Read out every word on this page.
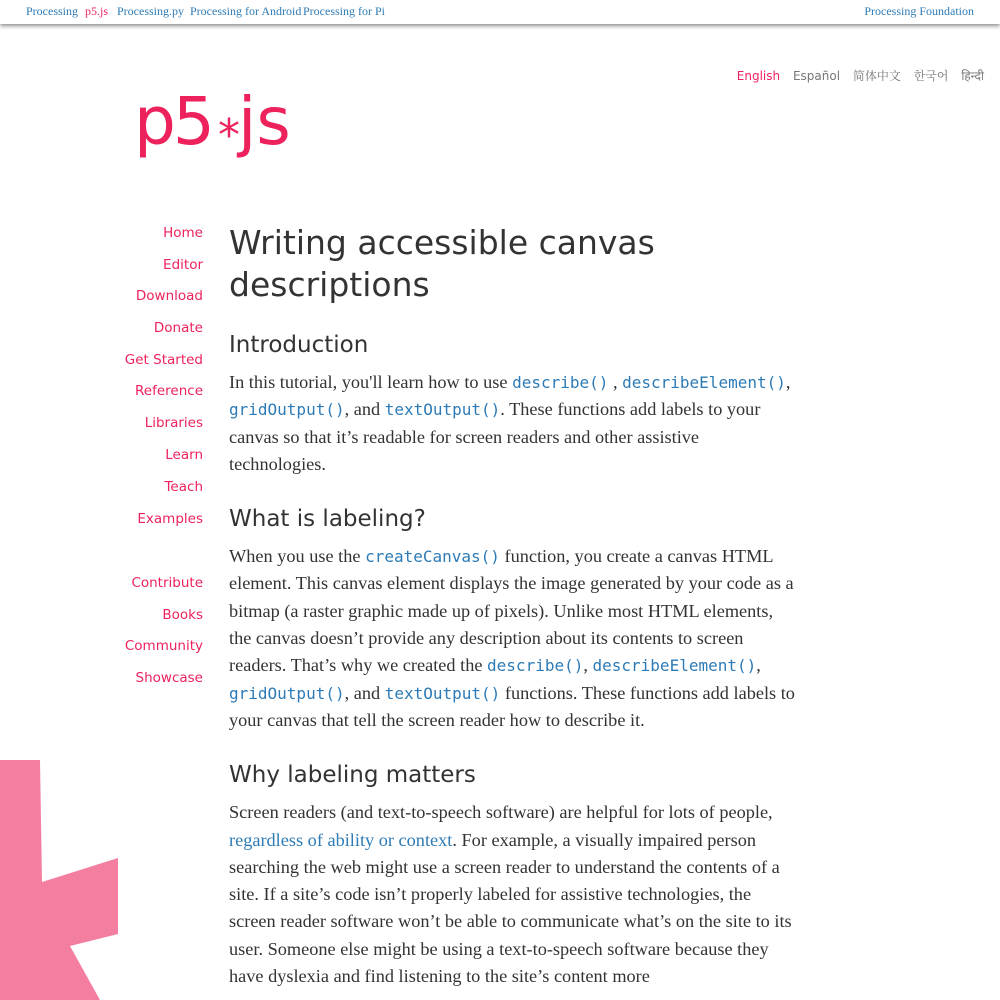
Processing p5.js Processing.py Processing for Android Processing for Pi	Processing Foundation
English Español 简体中文 한국어 हिन्दी
p5 *
js
Home
Editor
Download
Donate
Get Started
Reference
Libraries
Learn
Teach
Examples
Contribute
Books
Community
Showcase
Writing accessible canvas descriptions
Introduction

In this tutorial, you'll learn how to use describe() , describeElement(), gridOutput(), and textOutput(). These functions add labels to your canvas so that it’s readable for screen readers and other assistive technologies.

What is labeling?

When you use the createCanvas() function, you create a canvas HTML element. This canvas element displays the image generated by your code as a bitmap (a raster graphic made up of pixels). Unlike most HTML elements, the canvas doesn’t provide any description about its contents to screen readers. That’s why we created the describe(), describeElement(), gridOutput(), and textOutput() functions. These functions add labels to your canvas that tell the screen reader how to describe it.

Why labeling matters

Screen readers (and text-to-speech software) are helpful for lots of people, regardless of ability or context. For example, a visually impaired person searching the web might use a screen reader to understand the contents of a site. If a site’s code isn’t properly labeled for assistive technologies, the screen reader software won’t be able to communicate what’s on the site to its user. Someone else might be using a text-to-speech software because they have dyslexia and find listening to the site’s content more
